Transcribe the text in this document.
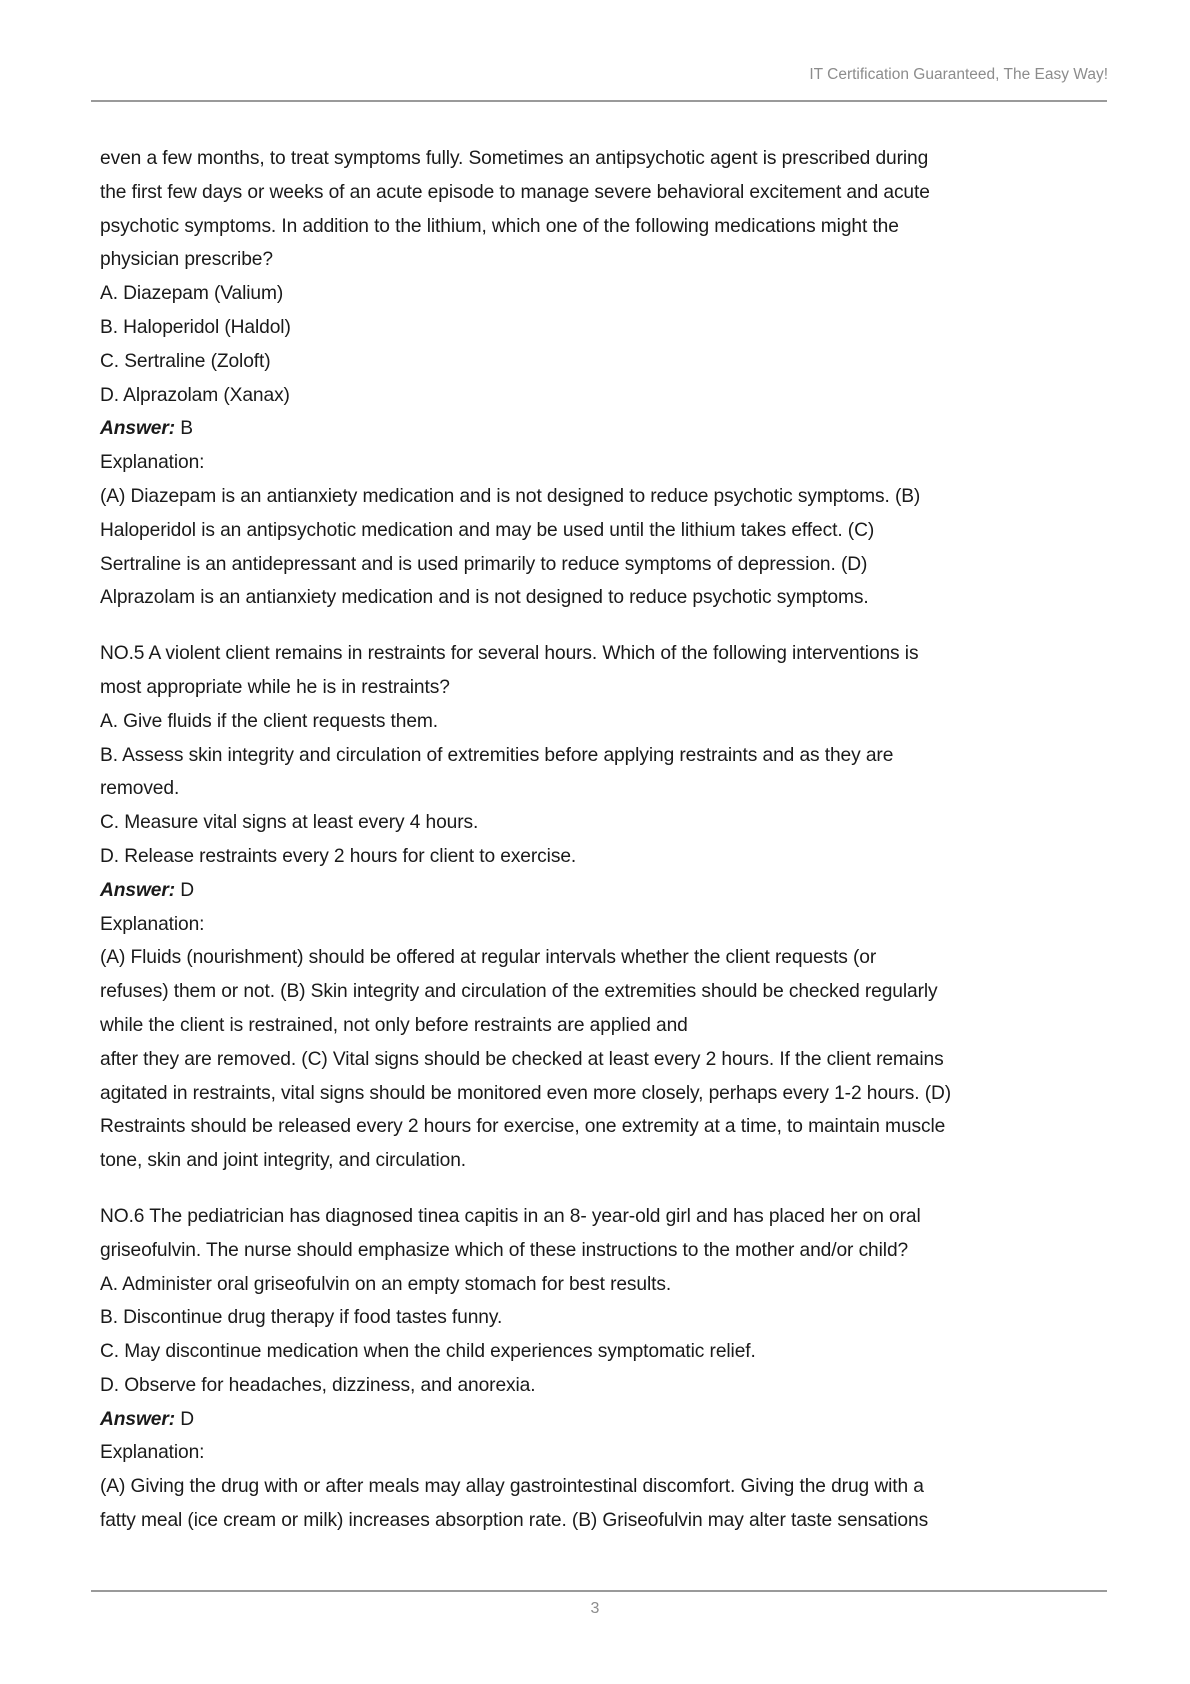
IT Certification Guaranteed, The Easy Way!
even a few months, to treat symptoms fully. Sometimes an antipsychotic agent is prescribed during
the first few days or weeks of an acute episode to manage severe behavioral excitement and acute
psychotic symptoms. In addition to the lithium, which one of the following medications might the
physician prescribe?
A. Diazepam (Valium)
B. Haloperidol (Haldol)
C. Sertraline (Zoloft)
D. Alprazolam (Xanax)
Answer: B
Explanation:
(A) Diazepam is an antianxiety medication and is not designed to reduce psychotic symptoms. (B)
Haloperidol is an antipsychotic medication and may be used until the lithium takes effect. (C)
Sertraline is an antidepressant and is used primarily to reduce symptoms of depression. (D)
Alprazolam is an antianxiety medication and is not designed to reduce psychotic symptoms.
NO.5 A violent client remains in restraints for several hours. Which of the following interventions is
most appropriate while he is in restraints?
A. Give fluids if the client requests them.
B. Assess skin integrity and circulation of extremities before applying restraints and as they are
removed.
C. Measure vital signs at least every 4 hours.
D. Release restraints every 2 hours for client to exercise.
Answer: D
Explanation:
(A) Fluids (nourishment) should be offered at regular intervals whether the client requests (or
refuses) them or not. (B) Skin integrity and circulation of the extremities should be checked regularly
while the client is restrained, not only before restraints are applied and
after they are removed. (C) Vital signs should be checked at least every 2 hours. If the client remains
agitated in restraints, vital signs should be monitored even more closely, perhaps every 1-2 hours. (D)
Restraints should be released every 2 hours for exercise, one extremity at a time, to maintain muscle
tone, skin and joint integrity, and circulation.
NO.6 The pediatrician has diagnosed tinea capitis in an 8- year-old girl and has placed her on oral
griseofulvin. The nurse should emphasize which of these instructions to the mother and/or child?
A. Administer oral griseofulvin on an empty stomach for best results.
B. Discontinue drug therapy if food tastes funny.
C. May discontinue medication when the child experiences symptomatic relief.
D. Observe for headaches, dizziness, and anorexia.
Answer: D
Explanation:
(A) Giving the drug with or after meals may allay gastrointestinal discomfort. Giving the drug with a
fatty meal (ice cream or milk) increases absorption rate. (B) Griseofulvin may alter taste sensations
3
